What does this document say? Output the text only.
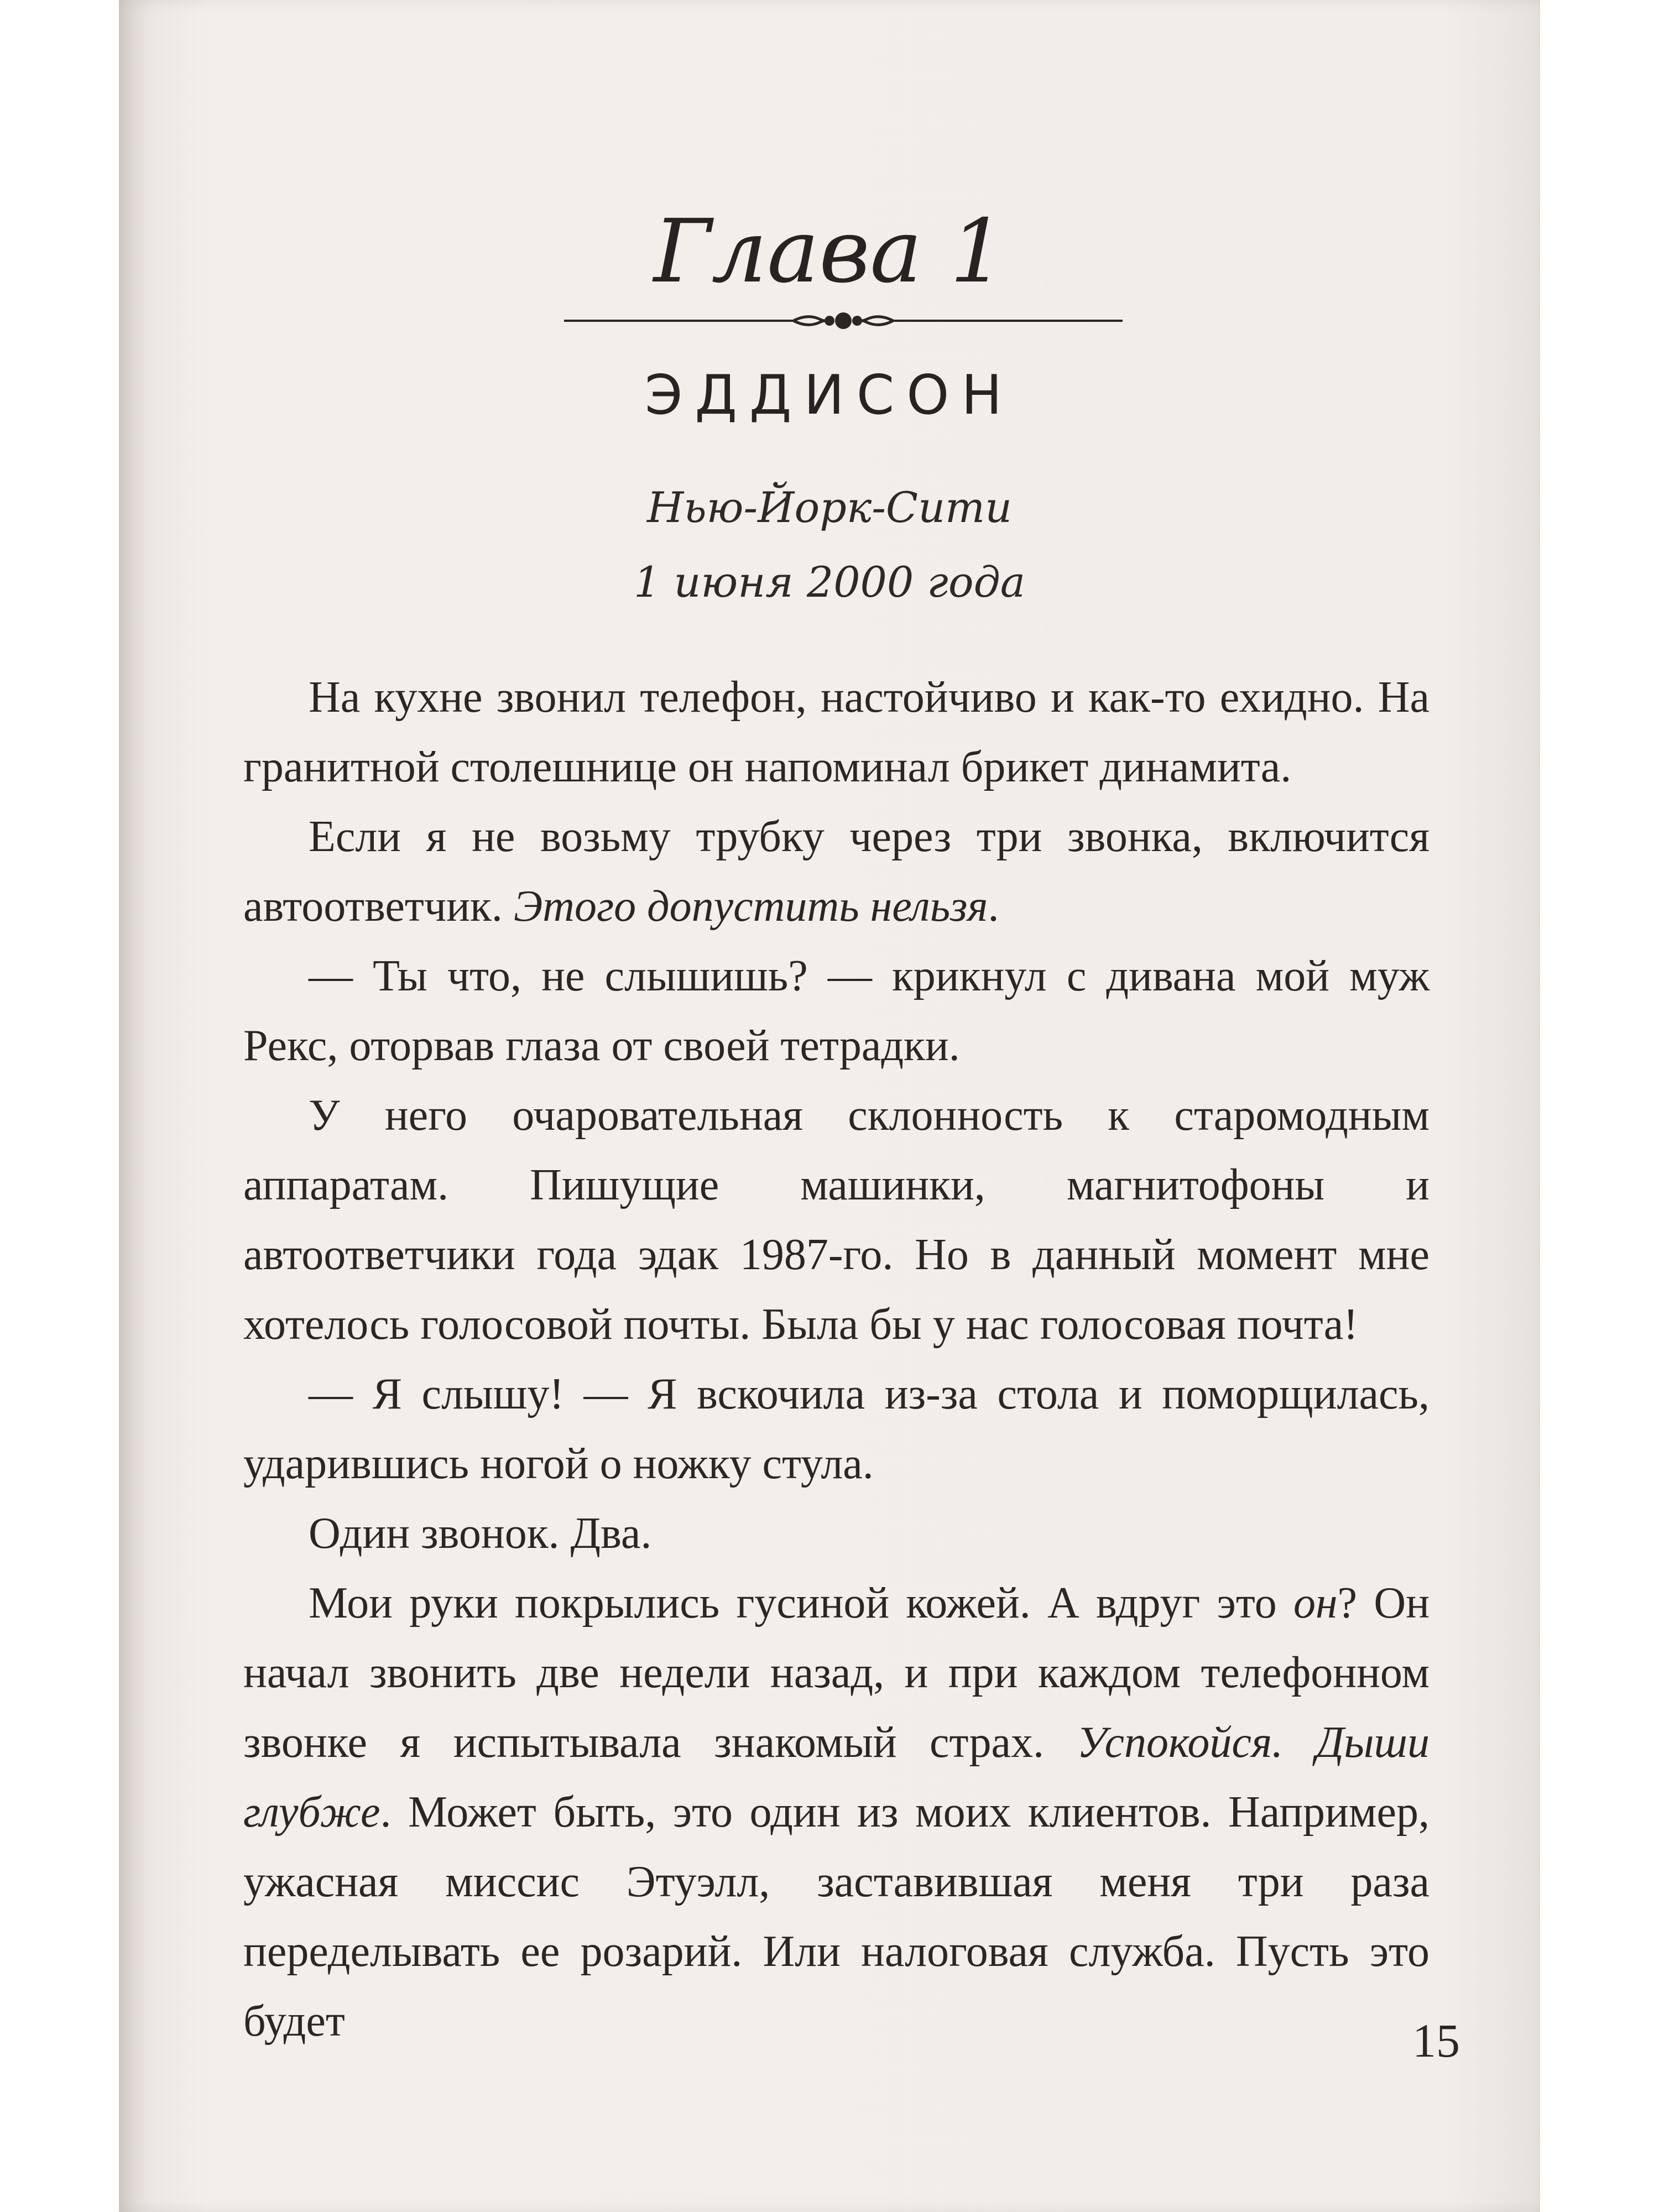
Глава 1
ЭДДИСОН
Нью-Йорк-Сити
1 июня 2000 года

На кухне звонил телефон, настойчиво и как-то ехидно. На гранитной столешнице он напоминал брикет динамита.

Если я не возьму трубку через три звонка, включится автоответчик. Этого допустить нельзя.

— Ты что, не слышишь? — крикнул с дивана мой муж Рекс, оторвав глаза от своей тетрадки.

У него очаровательная склонность к старомодным аппаратам. Пишущие машинки, магнитофоны и автоответчики года эдак 1987-го. Но в данный момент мне хотелось голосовой почты. Была бы у нас голосовая почта!

— Я слышу! — Я вскочила из-за стола и поморщилась, ударившись ногой о ножку стула.

Один звонок. Два.

Мои руки покрылись гусиной кожей. А вдруг это он? Он начал звонить две недели назад, и при каждом телефонном звонке я испытывала знакомый страх. Успокойся. Дыши глубже. Может быть, это один из моих клиентов. Например, ужасная миссис Этуэлл, заставившая меня три раза переделывать ее розарий. Или налоговая служба. Пусть это будет	15
